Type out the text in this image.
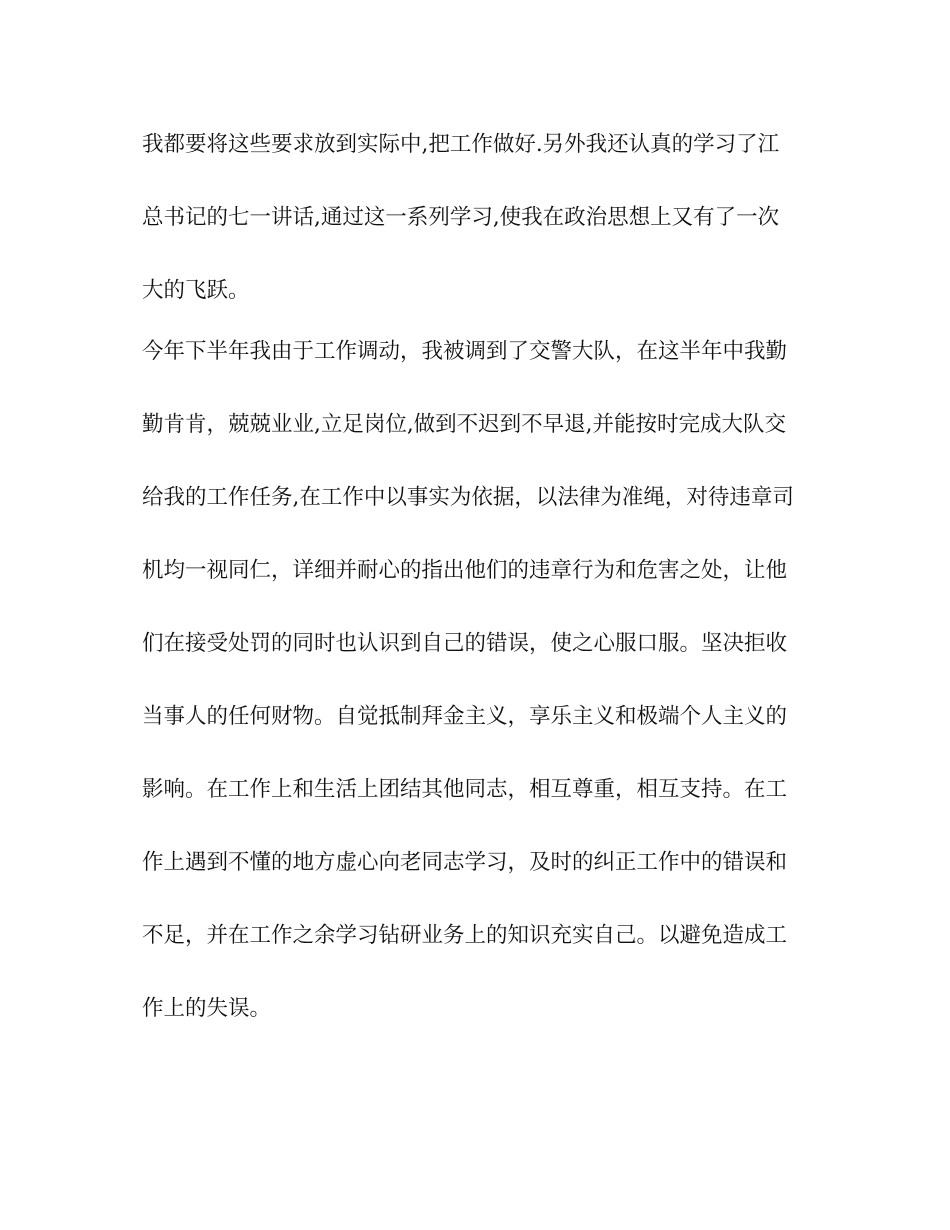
我都要将这些要求放到实际中,把工作做好.另外我还认真的学习了江
总书记的七一讲话,通过这一系列学习,使我在政治思想上又有了一次
大的飞跃。
今年下半年我由于工作调动，我被调到了交警大队，在这半年中我勤
勤肯肯，兢兢业业,立足岗位,做到不迟到不早退,并能按时完成大队交
给我的工作任务,在工作中以事实为依据，以法律为准绳，对待违章司
机均一视同仁，详细并耐心的指出他们的违章行为和危害之处，让他
们在接受处罚的同时也认识到自己的错误，使之心服口服。坚决拒收
当事人的任何财物。自觉抵制拜金主义，享乐主义和极端个人主义的
影响。在工作上和生活上团结其他同志，相互尊重，相互支持。在工
作上遇到不懂的地方虚心向老同志学习，及时的纠正工作中的错误和
不足，并在工作之余学习钻研业务上的知识充实自己。以避免造成工
作上的失误。
